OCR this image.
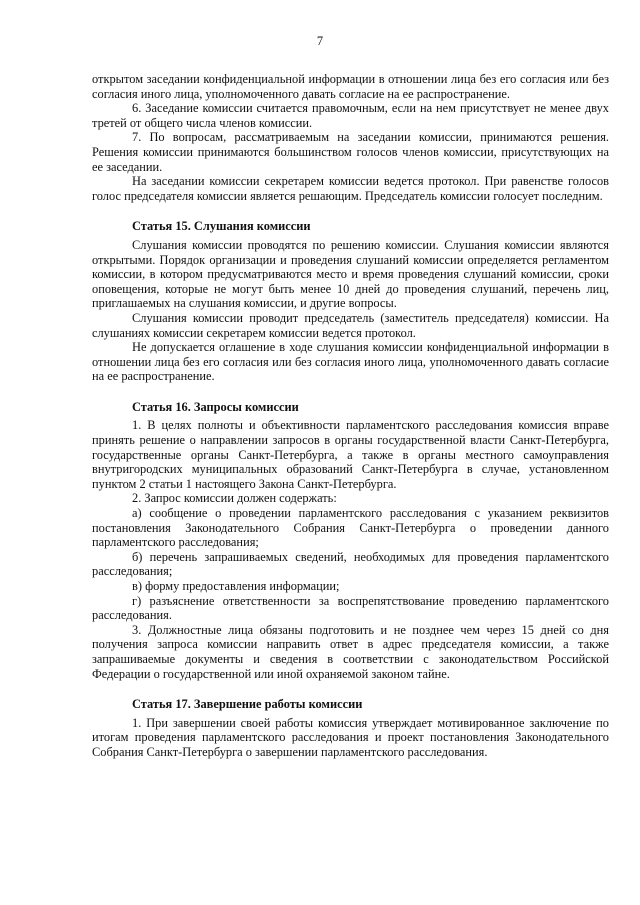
7

открытом заседании конфиденциальной информации в отношении лица без его согласия или без согласия иного лица, уполномоченного давать согласие на ее распространение.

6. Заседание комиссии считается правомочным, если на нем присутствует не менее двух третей от общего числа членов комиссии.

7. По вопросам, рассматриваемым на заседании комиссии, принимаются решения. Решения комиссии принимаются большинством голосов членов комиссии, присутствующих на ее заседании.

На заседании комиссии секретарем комиссии ведется протокол. При равенстве голосов голос председателя комиссии является решающим. Председатель комиссии голосует последним.

Статья 15. Слушания комиссии

Слушания комиссии проводятся по решению комиссии. Слушания комиссии являются открытыми. Порядок организации и проведения слушаний комиссии определяется регламентом комиссии, в котором предусматриваются место и время проведения слушаний комиссии, сроки оповещения, которые не могут быть менее 10 дней до проведения слушаний, перечень лиц, приглашаемых на слушания комиссии, и другие вопросы.

Слушания комиссии проводит председатель (заместитель председателя) комиссии. На слушаниях комиссии секретарем комиссии ведется протокол.

Не допускается оглашение в ходе слушания комиссии конфиденциальной информации в отношении лица без его согласия или без согласия иного лица, уполномоченного давать согласие на ее распространение.

Статья 16. Запросы комиссии

1. В целях полноты и объективности парламентского расследования комиссия вправе принять решение о направлении запросов в органы государственной власти Санкт-Петербурга, государственные органы Санкт-Петербурга, а также в органы местного самоуправления внутригородских муниципальных образований Санкт-Петербурга в случае, установленном пунктом 2 статьи 1 настоящего Закона Санкт-Петербурга.

2. Запрос комиссии должен содержать:

а) сообщение о проведении парламентского расследования с указанием реквизитов постановления Законодательного Собрания Санкт-Петербурга о проведении данного парламентского расследования;

б) перечень запрашиваемых сведений, необходимых для проведения парламентского расследования;

в) форму предоставления информации;

г) разъяснение ответственности за воспрепятствование проведению парламентского расследования.

3. Должностные лица обязаны подготовить и не позднее чем через 15 дней со дня получения запроса комиссии направить ответ в адрес председателя комиссии, а также запрашиваемые документы и сведения в соответствии с законодательством Российской Федерации о государственной или иной охраняемой законом тайне.

Статья 17. Завершение работы комиссии

1. При завершении своей работы комиссия утверждает мотивированное заключение по итогам проведения парламентского расследования и проект постановления Законодательного Собрания Санкт-Петербурга о завершении парламентского расследования.
